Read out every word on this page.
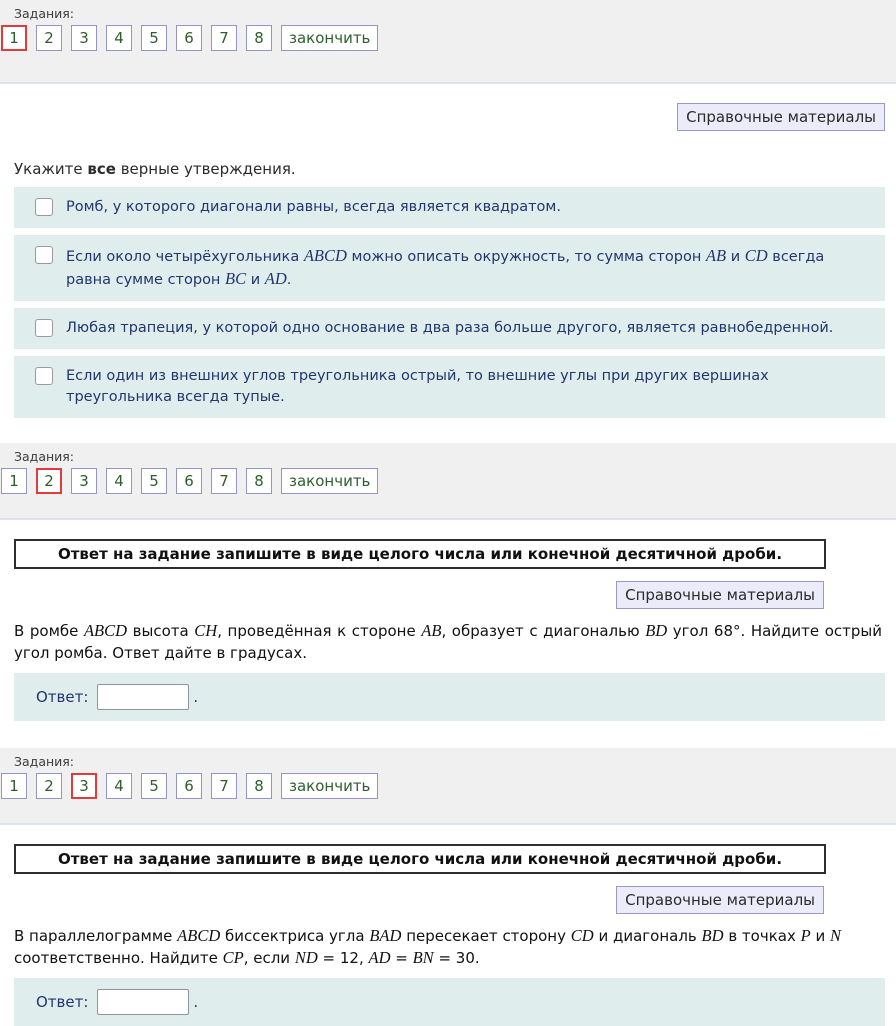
Задания:
1	2	3	4	5	6	7	8	закончить
Справочные материалы
Укажите все верные утверждения.
Ромб, у которого диагонали равны, всегда является квадратом.
Если около четырёхугольника ABCD можно описать окружность, то сумма сторон AB и CD всегда равна сумме сторон BC и AD.
Любая трапеция, у которой одно основание в два раза больше другого, является равнобедренной.
Если один из внешних углов треугольника острый, то внешние углы при других вершинах треугольника всегда тупые.
Задания:
1	2	3	4	5	6	7	8	закончить
Ответ на задание запишите в виде целого числа или конечной десятичной дроби.
Справочные материалы
В ромбе ABCD высота CH, проведённая к стороне AB, образует с диагональю BD угол 68°. Найдите острый угол ромба. Ответ дайте в градусах.
Ответ:	.
Задания:
1	2	3	4	5	6	7	8	закончить
Ответ на задание запишите в виде целого числа или конечной десятичной дроби.
Справочные материалы
В параллелограмме ABCD биссектриса угла BAD пересекает сторону CD и диагональ BD в точках P и N соответственно. Найдите CP, если ND = 12, AD = BN = 30.
Ответ:	.
